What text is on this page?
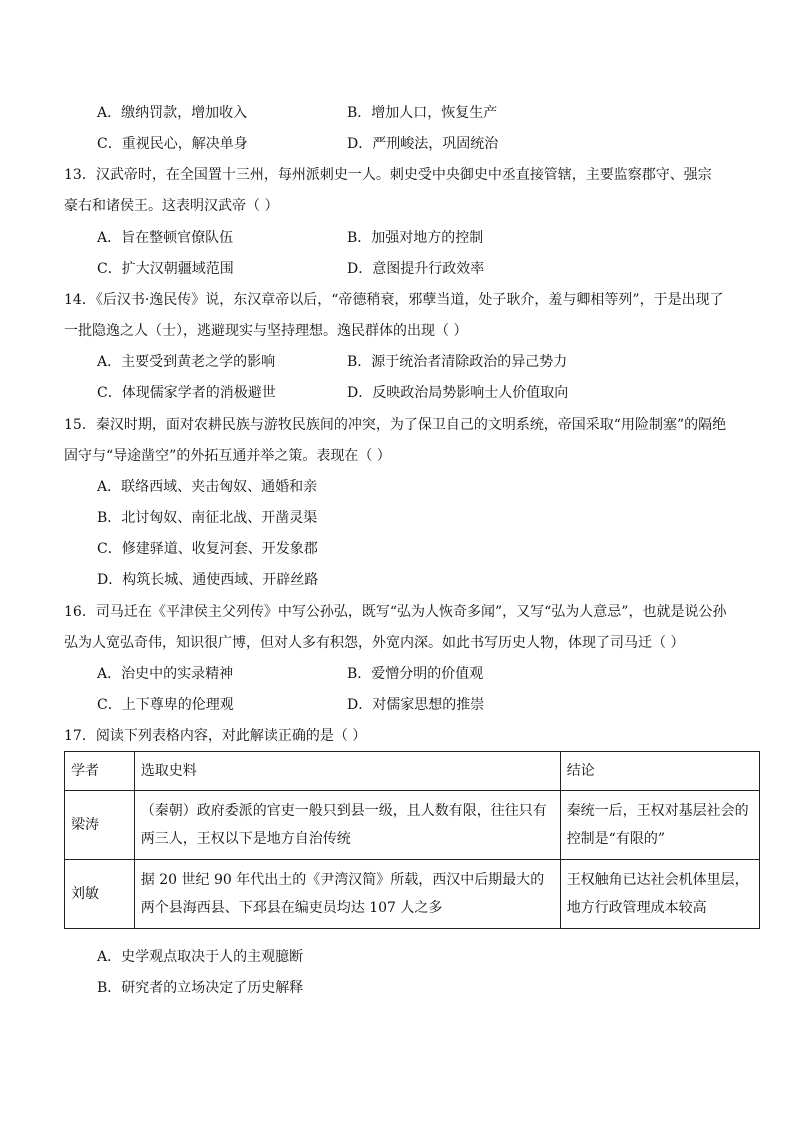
A．缴纳罚款，增加收入	B．增加人口，恢复生产
C．重视民心，解决单身	D．严刑峻法，巩固统治
13．汉武帝时，在全国置十三州，每州派刺史一人。刺史受中央御史中丞直接管辖，主要监察郡守、强宗
豪右和诸侯王。这表明汉武帝（ ）
A．旨在整顿官僚队伍	B．加强对地方的控制
C．扩大汉朝疆域范围	D．意图提升行政效率
14．《后汉书·逸民传》说，东汉章帝以后，“帝德稍衰，邪孽当道，处子耿介，羞与卿相等列”，于是出现了
一批隐逸之人（士），逃避现实与坚持理想。逸民群体的出现（ ）
A．主要受到黄老之学的影响	B．源于统治者清除政治的异己势力
C．体现儒家学者的消极避世	D．反映政治局势影响士人价值取向
15．秦汉时期，面对农耕民族与游牧民族间的冲突，为了保卫自己的文明系统，帝国采取“用险制塞”的隔绝
固守与“导途凿空”的外拓互通并举之策。表现在（ ）
A．联络西域、夹击匈奴、通婚和亲
B．北讨匈奴、南征北战、开凿灵渠
C．修建驿道、收复河套、开发象郡
D．构筑长城、通使西域、开辟丝路
16．司马迁在《平津侯主父列传》中写公孙弘，既写“弘为人恢奇多闻”，又写“弘为人意忌”，也就是说公孙
弘为人宽弘奇伟，知识很广博，但对人多有积怨，外宽内深。如此书写历史人物，体现了司马迁（ ）
A．治史中的实录精神	B．爱憎分明的价值观
C．上下尊卑的伦理观	D．对儒家思想的推崇
17．阅读下列表格内容，对此解读正确的是（ ）
学者	选取史料	结论
梁涛	（秦朝）政府委派的官吏一般只到县一级，且人数有限，往往只有两三人，王权以下是地方自治传统	秦统一后，王权对基层社会的控制是“有限的”
刘敏	据 20 世纪 90 年代出土的《尹湾汉简》所载，西汉中后期最大的两个县海西县、下邳县在编吏员均达 107 人之多	王权触角已达社会机体里层，地方行政管理成本较高
A．史学观点取决于人的主观臆断
B．研究者的立场决定了历史解释
